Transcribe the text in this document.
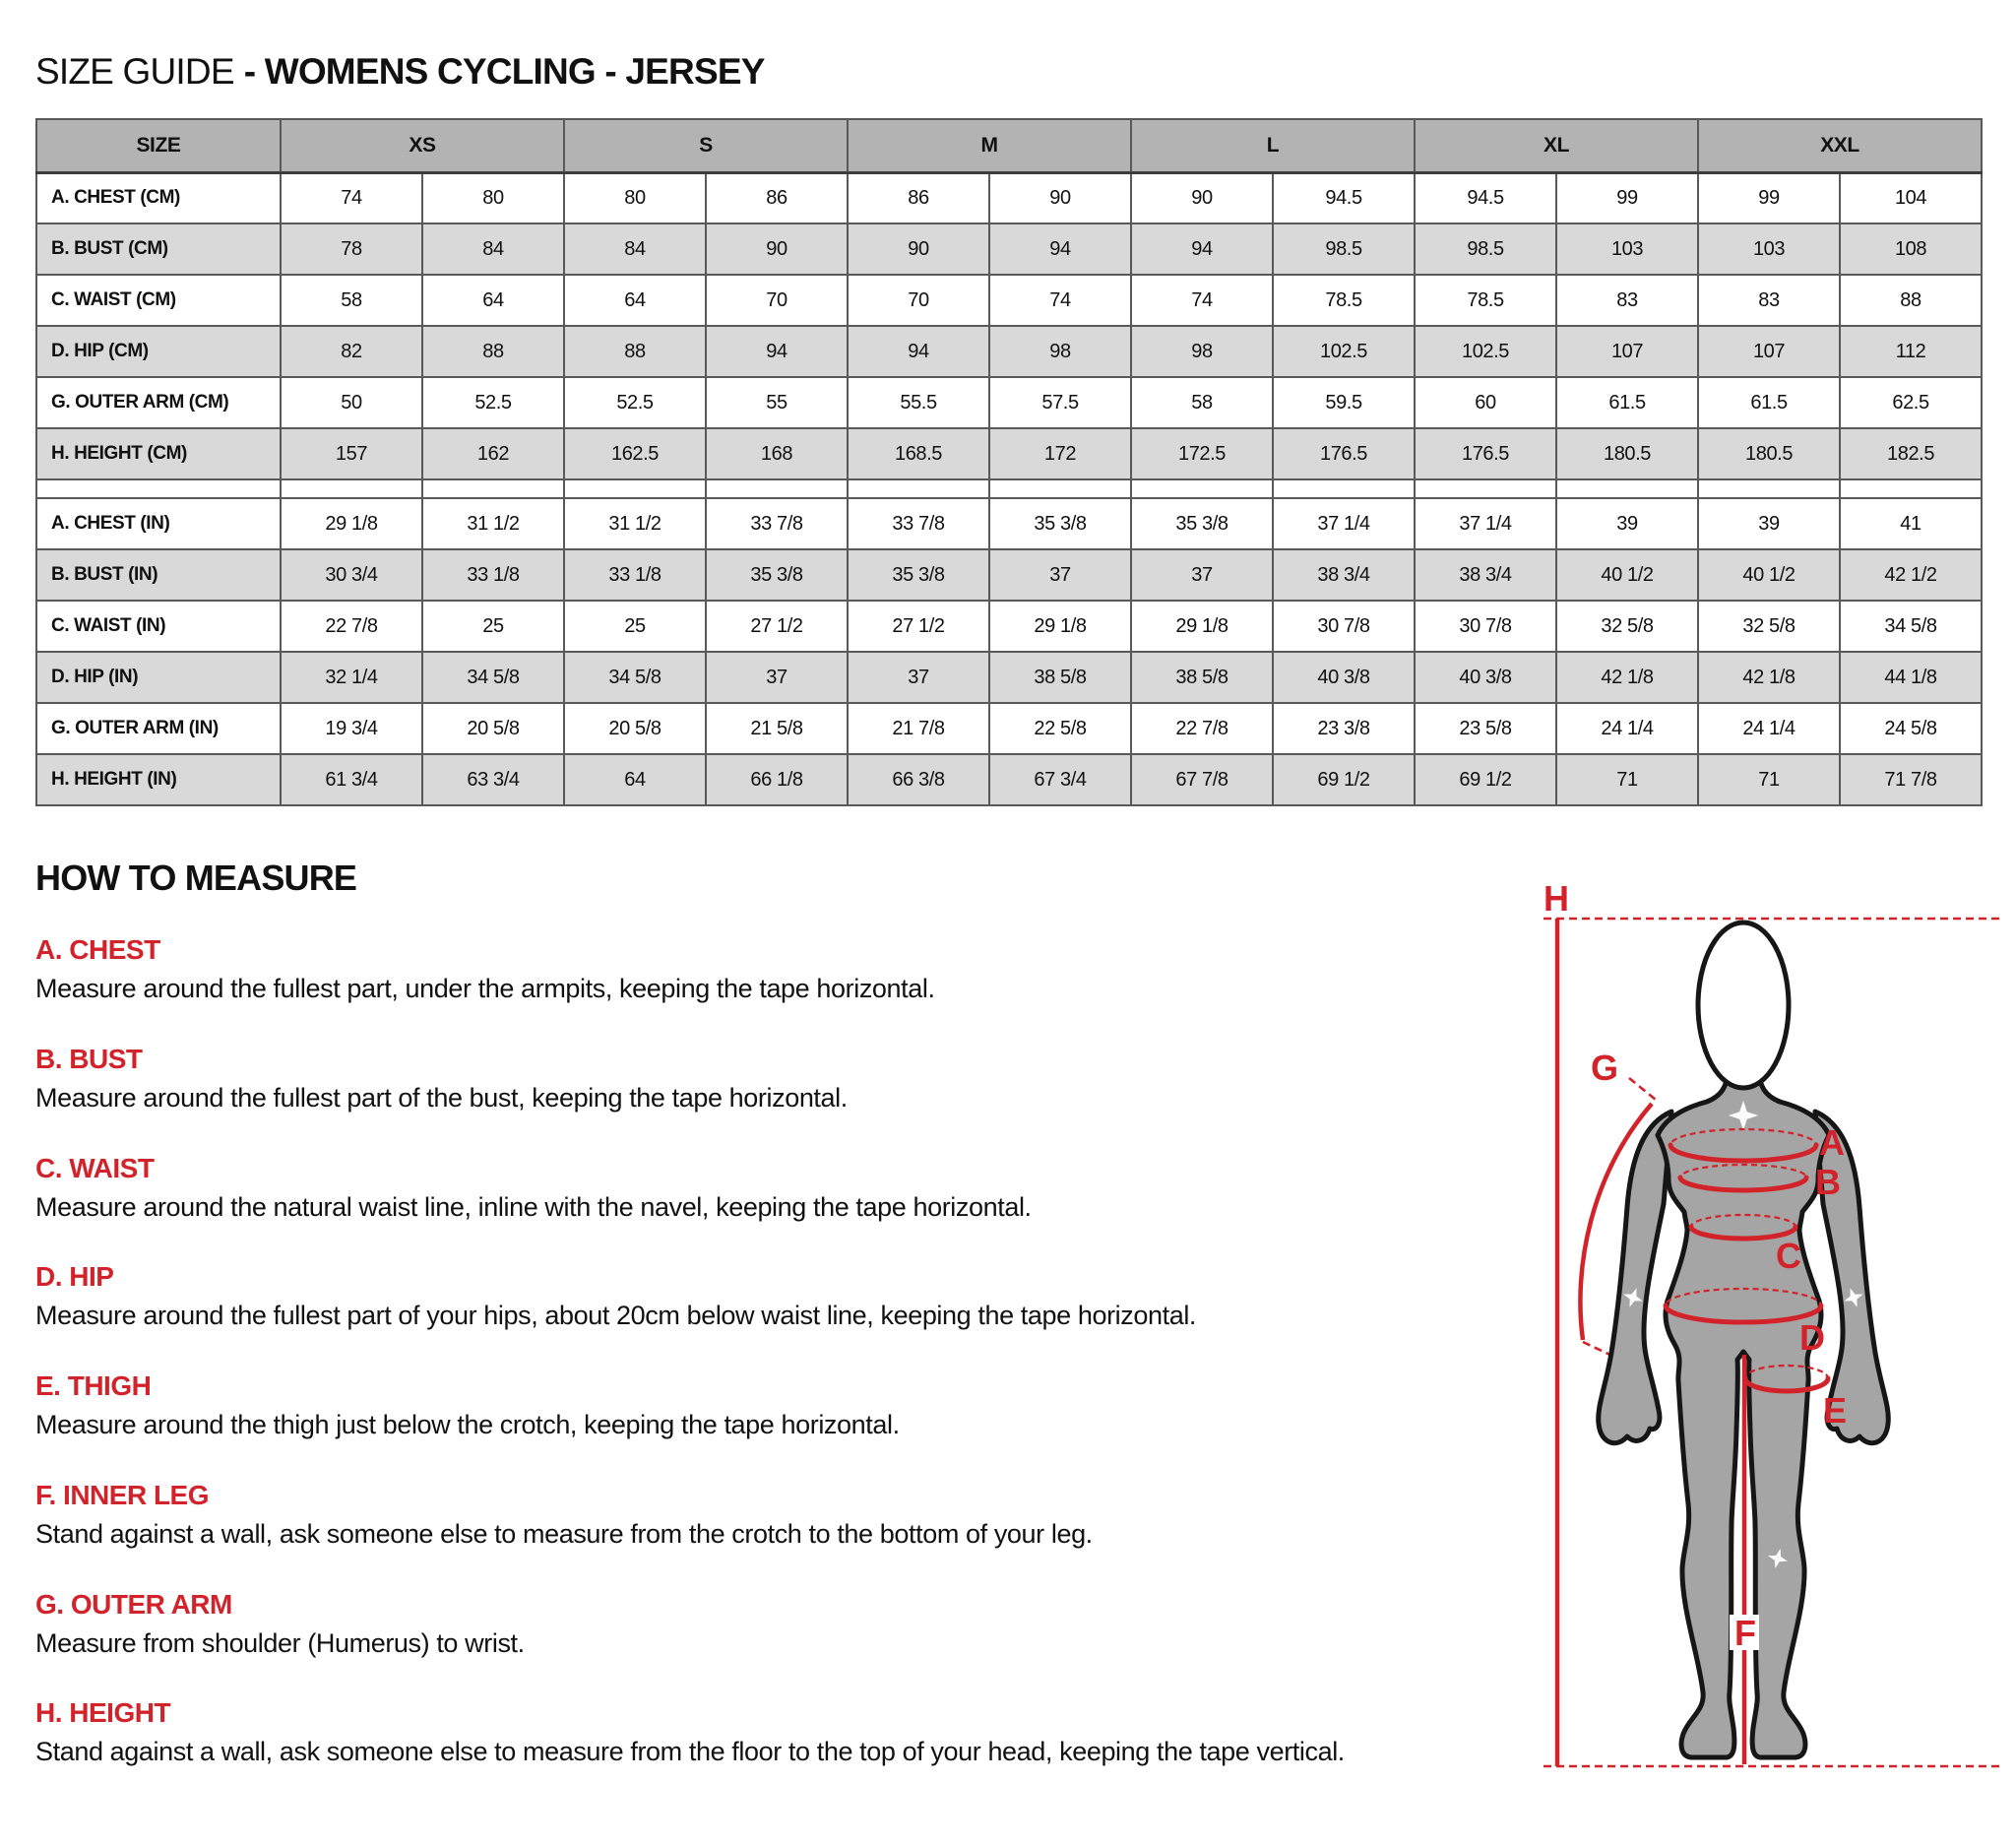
SIZE GUIDE - WOMENS CYCLING - JERSEY
SIZE	XS		S		M		L		XL		XXL	
A. CHEST (CM)	74	80	80	86	86	90	90	94.5	94.5	99	99	104
B. BUST (CM)	78	84	84	90	90	94	94	98.5	98.5	103	103	108
C. WAIST (CM)	58	64	64	70	70	74	74	78.5	78.5	83	83	88
D. HIP (CM)	82	88	88	94	94	98	98	102.5	102.5	107	107	112
G. OUTER ARM (CM)	50	52.5	52.5	55	55.5	57.5	58	59.5	60	61.5	61.5	62.5
H. HEIGHT (CM)	157	162	162.5	168	168.5	172	172.5	176.5	176.5	180.5	180.5	182.5

A. CHEST (IN)	29 1/8	31 1/2	31 1/2	33 7/8	33 7/8	35 3/8	35 3/8	37 1/4	37 1/4	39	39	41
B. BUST (IN)	30 3/4	33 1/8	33 1/8	35 3/8	35 3/8	37	37	38 3/4	38 3/4	40 1/2	40 1/2	42 1/2
C. WAIST (IN)	22 7/8	25	25	27 1/2	27 1/2	29 1/8	29 1/8	30 7/8	30 7/8	32 5/8	32 5/8	34 5/8
D. HIP (IN)	32 1/4	34 5/8	34 5/8	37	37	38 5/8	38 5/8	40 3/8	40 3/8	42 1/8	42 1/8	44 1/8
G. OUTER ARM (IN)	19 3/4	20 5/8	20 5/8	21 5/8	21 7/8	22 5/8	22 7/8	23 3/8	23 5/8	24 1/4	24 1/4	24 5/8
H. HEIGHT (IN)	61 3/4	63 3/4	64	66 1/8	66 3/8	67 3/4	67 7/8	69 1/2	69 1/2	71	71	71 7/8
HOW TO MEASURE
A. CHEST

Measure around the fullest part, under the armpits, keeping the tape horizontal.

B. BUST

Measure around the fullest part of the bust, keeping the tape horizontal.

C. WAIST

Measure around the natural waist line, inline with the navel, keeping the tape horizontal.

D. HIP

Measure around the fullest part of your hips, about 20cm below waist line, keeping the tape horizontal.

E. THIGH

Measure around the thigh just below the crotch, keeping the tape horizontal.

F. INNER LEG

Stand against a wall, ask someone else to measure from the crotch to the bottom of your leg.

G. OUTER ARM

Measure from shoulder (Humerus) to wrist.

H. HEIGHT

Stand against a wall, ask someone else to measure from the floor to the top of your head, keeping the tape vertical.

H
G
A
B
C
D
E
F
